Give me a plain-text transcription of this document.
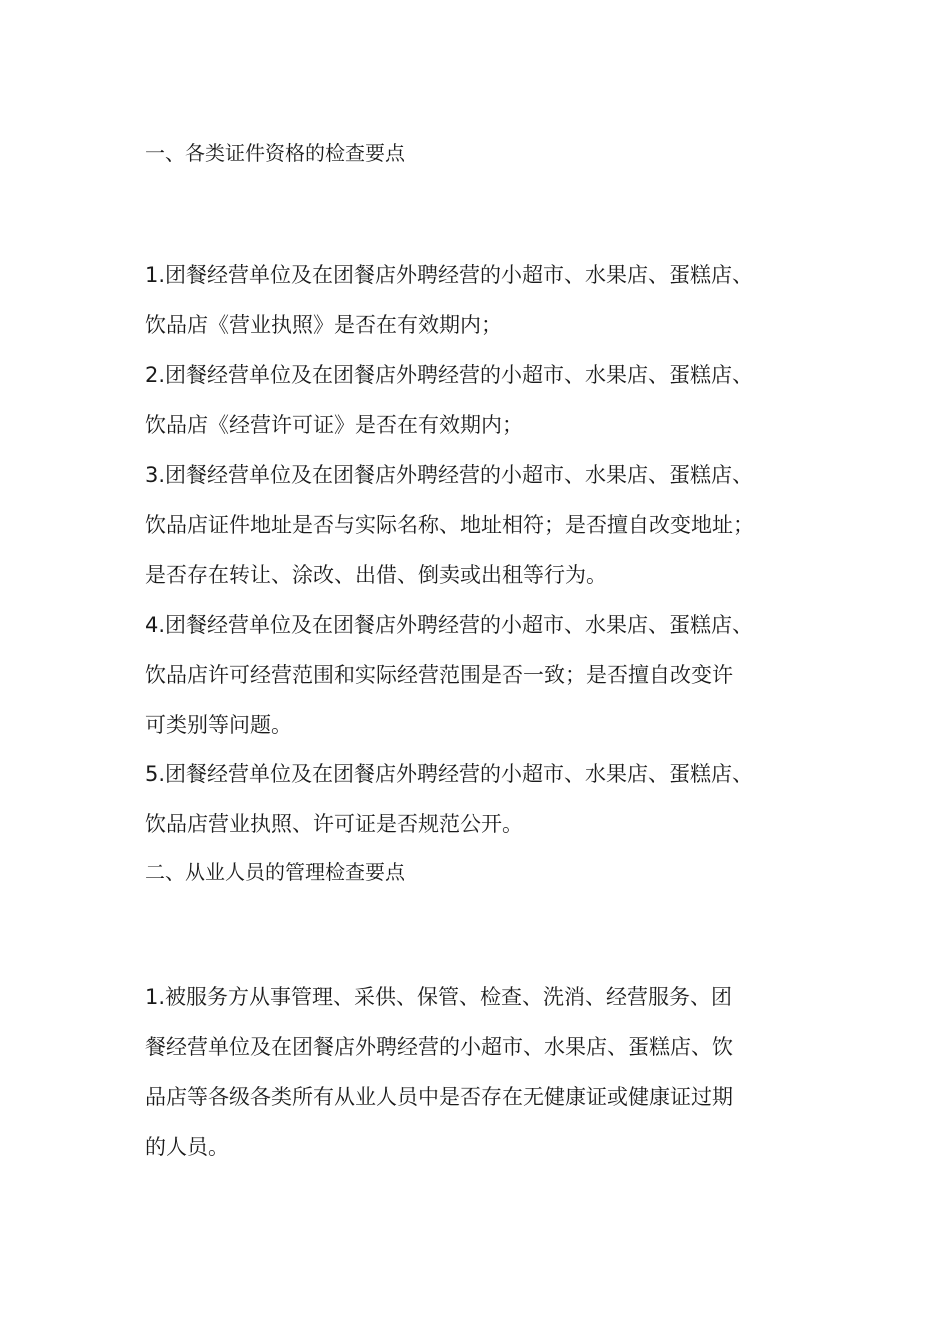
一、各类证件资格的检查要点
1.团餐经营单位及在团餐店外聘经营的小超市、水果店、蛋糕店、
饮品店《营业执照》是否在有效期内；
2.团餐经营单位及在团餐店外聘经营的小超市、水果店、蛋糕店、
饮品店《经营许可证》是否在有效期内；
3.团餐经营单位及在团餐店外聘经营的小超市、水果店、蛋糕店、
饮品店证件地址是否与实际名称、地址相符；是否擅自改变地址；
是否存在转让、涂改、出借、倒卖或出租等行为。
4.团餐经营单位及在团餐店外聘经营的小超市、水果店、蛋糕店、
饮品店许可经营范围和实际经营范围是否一致；是否擅自改变许
可类别等问题。
5.团餐经营单位及在团餐店外聘经营的小超市、水果店、蛋糕店、
饮品店营业执照、许可证是否规范公开。
二、从业人员的管理检查要点
1.被服务方从事管理、采供、保管、检查、洗消、经营服务、团
餐经营单位及在团餐店外聘经营的小超市、水果店、蛋糕店、饮
品店等各级各类所有从业人员中是否存在无健康证或健康证过期
的人员。
